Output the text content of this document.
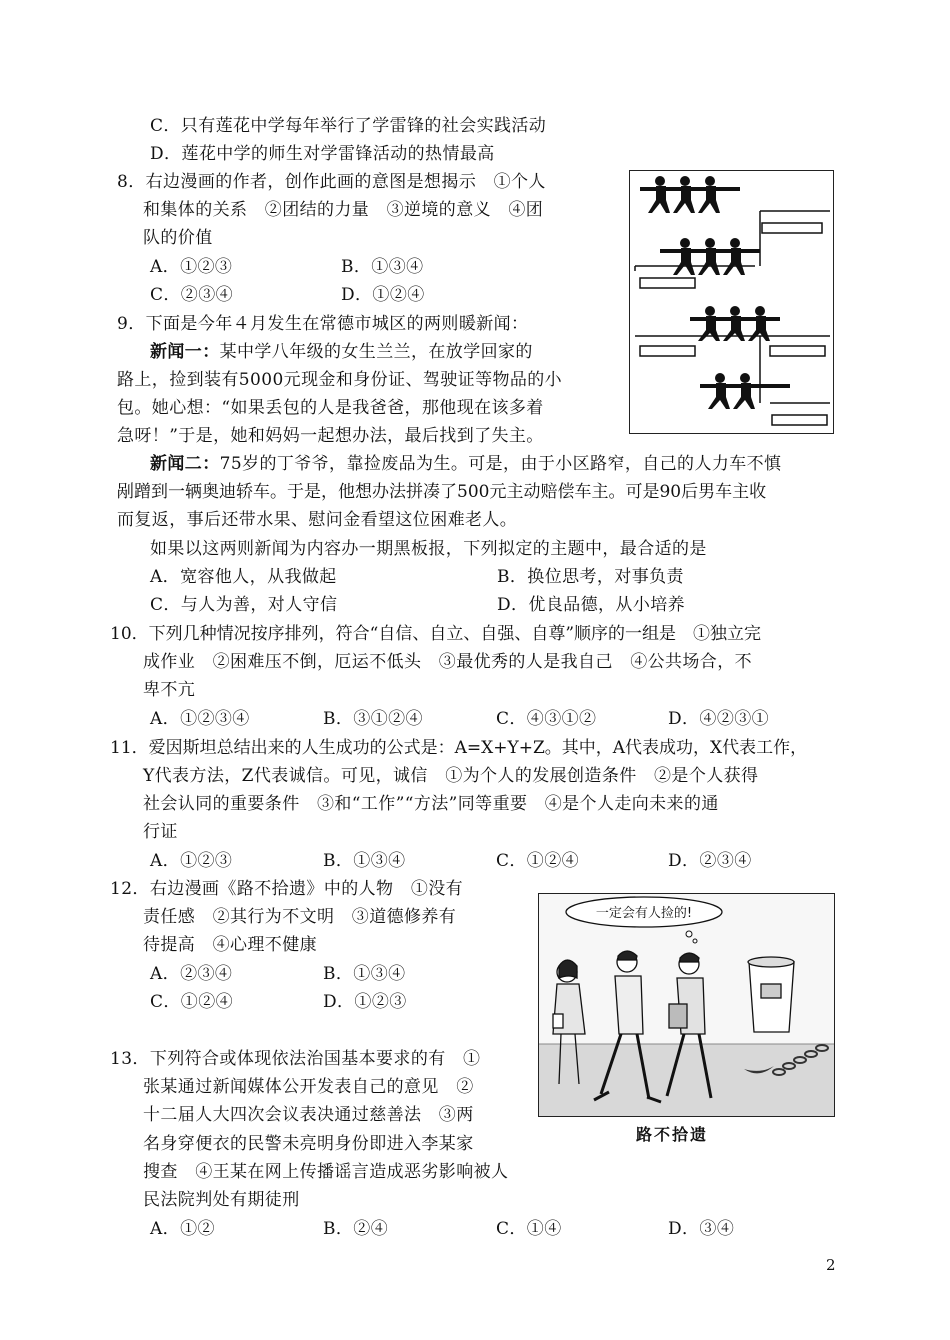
C．只有莲花中学每年举行了学雷锋的社会实践活动
D．莲花中学的师生对学雷锋活动的热情最高
8．右边漫画的作者，创作此画的意图是想揭示　①个人
和集体的关系　②团结的力量　③逆境的意义　④团
队的价值
A．①②③	B．①③④
C．②③④	D．①②④
9．下面是今年４月发生在常德市城区的两则暖新闻：
新闻一：某中学八年级的女生兰兰，在放学回家的
路上，捡到装有5000元现金和身份证、驾驶证等物品的小
包。她心想：“如果丢包的人是我爸爸，那他现在该多着
急呀！”于是，她和妈妈一起想办法，最后找到了失主。
新闻二：75岁的丁爷爷，靠捡废品为生。可是，由于小区路窄，自己的人力车不慎
剐蹭到一辆奥迪轿车。于是，他想办法拼凑了500元主动赔偿车主。可是90后男车主收
而复返，事后还带水果、慰问金看望这位困难老人。
如果以这两则新闻为内容办一期黑板报，下列拟定的主题中，最合适的是
A．宽容他人，从我做起	B．换位思考，对事负责
C．与人为善，对人守信	D．优良品德，从小培养
10．下列几种情况按序排列，符合“自信、自立、自强、自尊”顺序的一组是　①独立完
成作业　②困难压不倒，厄运不低头　③最优秀的人是我自己　④公共场合，不
卑不亢
A．①②③④	B．③①②④	C．④③①②	D．④②③①
11．爱因斯坦总结出来的人生成功的公式是：A=X+Y+Z。其中，A代表成功，X代表工作，
Y代表方法，Z代表诚信。可见，诚信　①为个人的发展创造条件　②是个人获得
社会认同的重要条件　③和“工作”“方法”同等重要　④是个人走向未来的通
行证
A．①②③	B．①③④	C．①②④	D．②③④
12．右边漫画《路不拾遗》中的人物　①没有
责任感　②其行为不文明　③道德修养有
待提高　④心理不健康
A．②③④	B．①③④
C．①②④	D．①②③
一定会有人捡的!
路不拾遗
13．下列符合或体现依法治国基本要求的有　①
张某通过新闻媒体公开发表自己的意见　②
十二届人大四次会议表决通过慈善法　③两
名身穿便衣的民警未亮明身份即进入李某家
搜查　④王某在网上传播谣言造成恶劣影响被人
民法院判处有期徒刑
A．①②	B．②④	C．①④	D．③④
2
